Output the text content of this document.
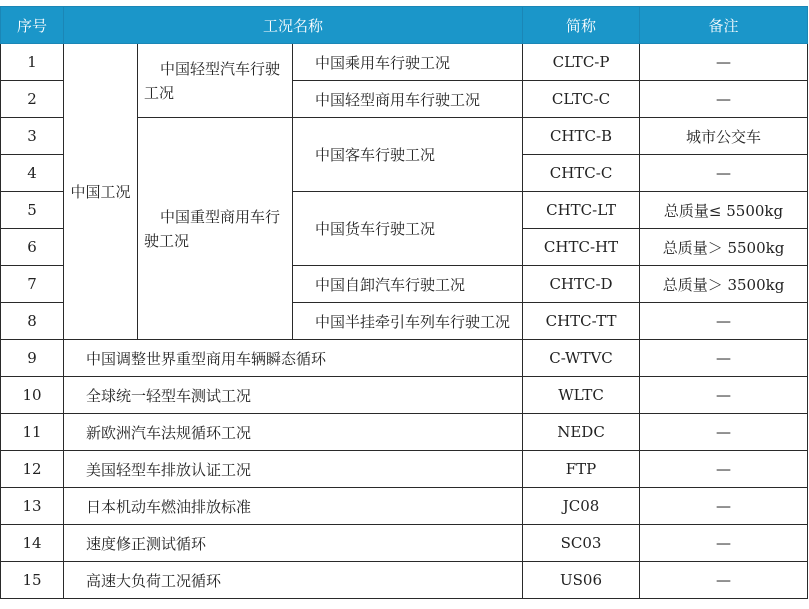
序号	工况名称			简称	备注
1	中国工况	中国轻型汽车行驶工况	中国乘用车行驶工况	CLTC-P	—
2			中国轻型商用车行驶工况	CLTC-C	—
3		中国重型商用车行驶工况	中国客车行驶工况	CHTC-B	城市公交车
4				CHTC-C	—
5			中国货车行驶工况	CHTC-LT	总质量≤ 5500kg
6				CHTC-HT	总质量＞ 5500kg
7			中国自卸汽车行驶工况	CHTC-D	总质量＞ 3500kg
8			中国半挂牵引车列车行驶工况	CHTC-TT	—
9	中国调整世界重型商用车辆瞬态循环			C-WTVC	—
10	全球统一轻型车测试工况			WLTC	—
11	新欧洲汽车法规循环工况			NEDC	—
12	美国轻型车排放认证工况			FTP	—
13	日本机动车燃油排放标准			JC08	—
14	速度修正测试循环			SC03	—
15	高速大负荷工况循环			US06	—
